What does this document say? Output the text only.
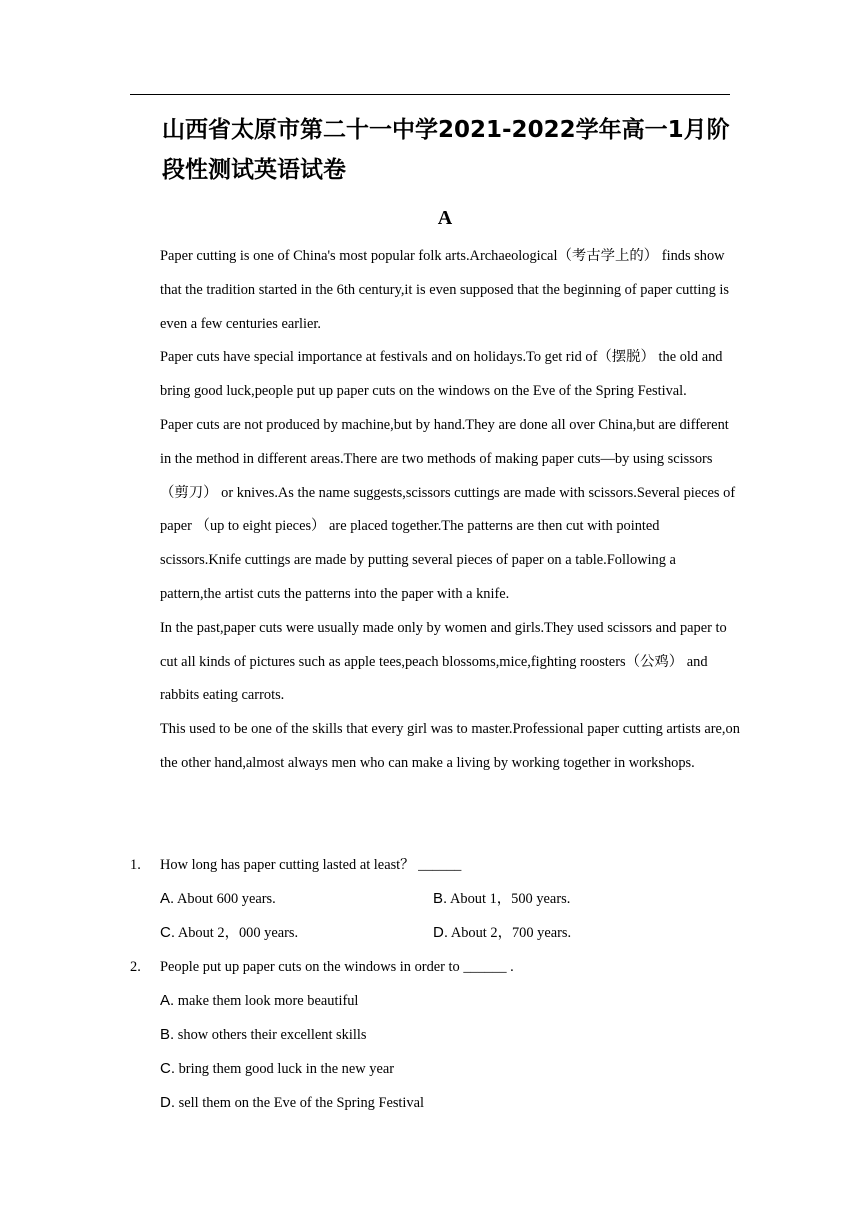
山西省太原市第二十一中学2021-2022学年高一1月阶段性测试英语试卷
A

Paper cutting is one of China's most popular folk arts.Archaeological（考古学上的） finds show that the tradition started in the 6th century,it is even supposed that the beginning of paper cutting is even a few centuries earlier.

Paper cuts have special importance at festivals and on holidays.To get rid of（摆脱） the old and bring good luck,people put up paper cuts on the windows on the Eve of the Spring Festival.

Paper cuts are not produced by machine,but by hand.They are done all over China,but are different in the method in different areas.There are two methods of making paper cuts—by using scissors（剪刀） or knives.As the name suggests,scissors cuttings are made with scissors.Several pieces of paper （up to eight pieces） are placed together.The patterns are then cut with pointed scissors.Knife cuttings are made by putting several pieces of paper on a table.Following a pattern,the artist cuts the patterns into the paper with a knife.

In the past,paper cuts were usually made only by women and girls.They used scissors and paper to cut all kinds of pictures such as apple tees,peach blossoms,mice,fighting roosters（公鸡） and rabbits eating carrots.

This used to be one of the skills that every girl was to master.Professional paper cutting artists are,on the other hand,almost always men who can make a living by working together in workshops.

1. How long has paper cutting lasted at least？ ______
A. About 600 years.	B. About 1，500 years.
C. About 2，000 years.	D. About 2，700 years.
2. People put up paper cuts on the windows in order to ______ .
A. make them look more beautiful
B. show others their excellent skills
C. bring them good luck in the new year
D. sell them on the Eve of the Spring Festival
